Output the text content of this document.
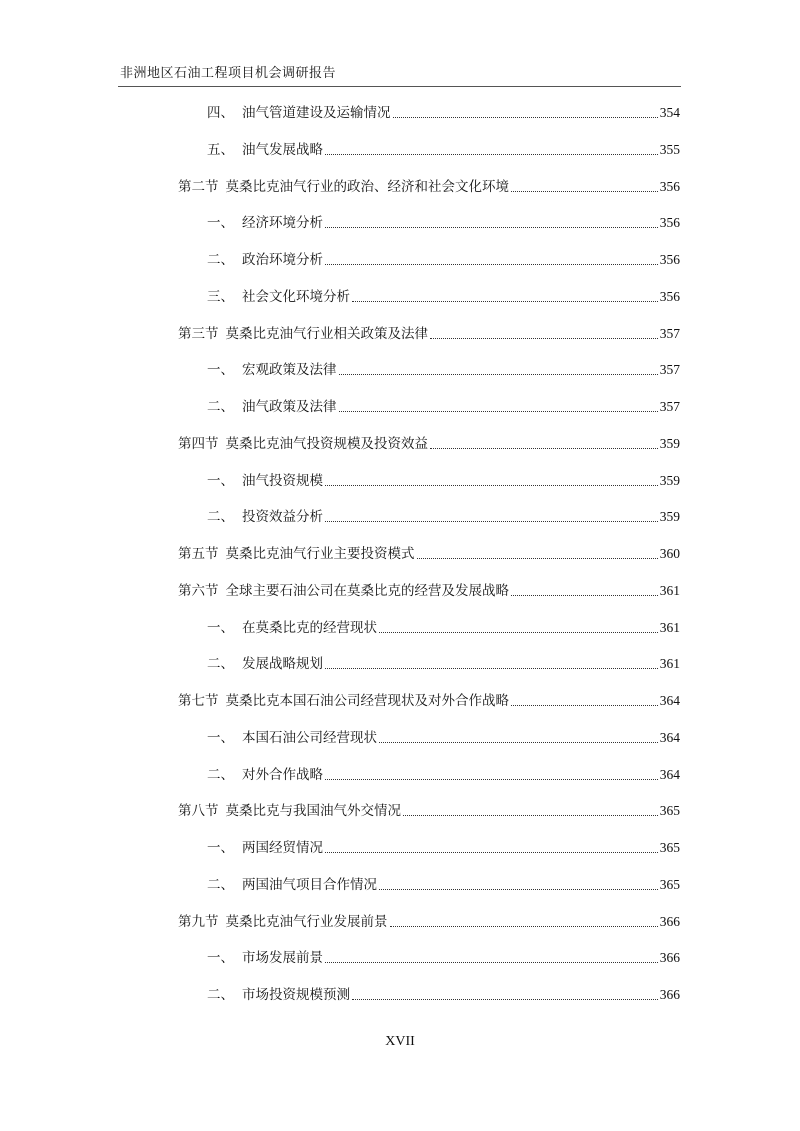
非洲地区石油工程项目机会调研报告
四、 油气管道建设及运输情况	354
五、 油气发展战略	355
第二节 莫桑比克油气行业的政治、经济和社会文化环境	356
一、 经济环境分析	356
二、 政治环境分析	356
三、 社会文化环境分析	356
第三节 莫桑比克油气行业相关政策及法律	357
一、 宏观政策及法律	357
二、 油气政策及法律	357
第四节 莫桑比克油气投资规模及投资效益	359
一、 油气投资规模	359
二、 投资效益分析	359
第五节 莫桑比克油气行业主要投资模式	360
第六节 全球主要石油公司在莫桑比克的经营及发展战略	361
一、 在莫桑比克的经营现状	361
二、 发展战略规划	361
第七节 莫桑比克本国石油公司经营现状及对外合作战略	364
一、 本国石油公司经营现状	364
二、 对外合作战略	364
第八节 莫桑比克与我国油气外交情况	365
一、 两国经贸情况	365
二、 两国油气项目合作情况	365
第九节 莫桑比克油气行业发展前景	366
一、 市场发展前景	366
二、 市场投资规模预测	366
XVII
